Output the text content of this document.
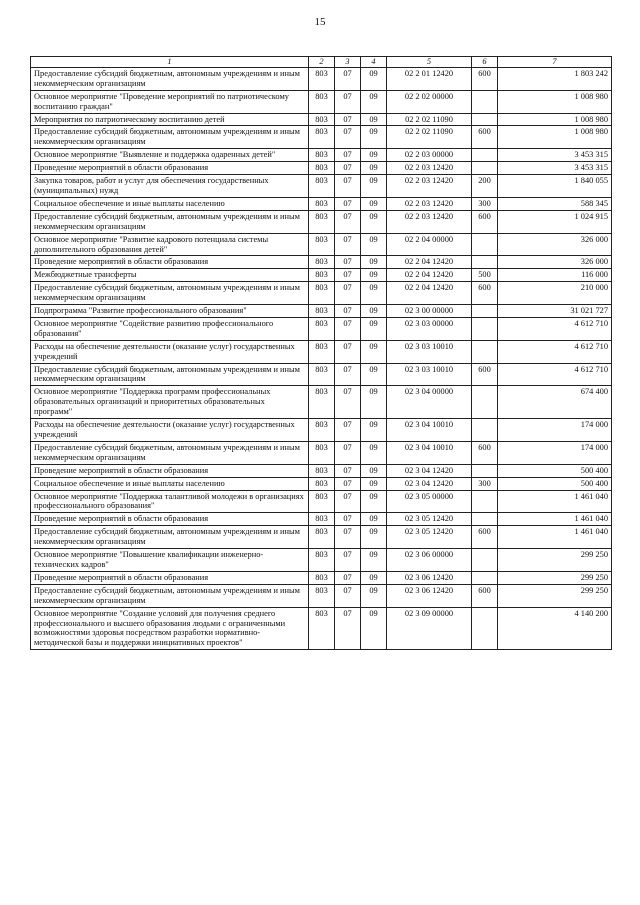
15
1	2	3	4	5	6	7
Предоставление субсидий бюджетным, автономным учреждениям и иным некоммерческим организациям	803	07	09	02 2 01 12420	600	1 803 242
Основное мероприятие "Проведение мероприятий по патриотическому воспитанию граждан"	803	07	09	02 2 02 00000		1 008 980
Мероприятия по патриотическому воспитанию детей	803	07	09	02 2 02 11090		1 008 980
Предоставление субсидий бюджетным, автономным учреждениям и иным некоммерческим организациям	803	07	09	02 2 02 11090	600	1 008 980
Основное мероприятие "Выявление и поддержка одаренных детей"	803	07	09	02 2 03 00000		3 453 315
Проведение мероприятий в области образования	803	07	09	02 2 03 12420		3 453 315
Закупка товаров, работ и услуг для обеспечения государственных (муниципальных) нужд	803	07	09	02 2 03 12420	200	1 840 055
Социальное обеспечение и иные выплаты населению	803	07	09	02 2 03 12420	300	588 345
Предоставление субсидий бюджетным, автономным учреждениям и иным некоммерческим организациям	803	07	09	02 2 03 12420	600	1 024 915
Основное мероприятие "Развитие кадрового потенциала системы дополнительного образования детей"	803	07	09	02 2 04 00000		326 000
Проведение мероприятий в области образования	803	07	09	02 2 04 12420		326 000
Межбюджетные трансферты	803	07	09	02 2 04 12420	500	116 000
Предоставление субсидий бюджетным, автономным учреждениям и иным некоммерческим организациям	803	07	09	02 2 04 12420	600	210 000
Подпрограмма "Развитие профессионального образования"	803	07	09	02 3 00 00000		31 021 727
Основное мероприятие "Содействие развитию профессионального образования"	803	07	09	02 3 03 00000		4 612 710
Расходы на обеспечение деятельности (оказание услуг) государственных учреждений	803	07	09	02 3 03 10010		4 612 710
Предоставление субсидий бюджетным, автономным учреждениям и иным некоммерческим организациям	803	07	09	02 3 03 10010	600	4 612 710
Основное мероприятие "Поддержка программ профессиональных образовательных организаций и приоритетных образовательных программ"	803	07	09	02 3 04 00000		674 400
Расходы на обеспечение деятельности (оказание услуг) государственных учреждений	803	07	09	02 3 04 10010		174 000
Предоставление субсидий бюджетным, автономным учреждениям и иным некоммерческим организациям	803	07	09	02 3 04 10010	600	174 000
Проведение мероприятий в области образования	803	07	09	02 3 04 12420		500 400
Социальное обеспечение и иные выплаты населению	803	07	09	02 3 04 12420	300	500 400
Основное мероприятие "Поддержка талантливой молодежи в организациях профессионального образования"	803	07	09	02 3 05 00000		1 461 040
Проведение мероприятий в области образования	803	07	09	02 3 05 12420		1 461 040
Предоставление субсидий бюджетным, автономным учреждениям и иным некоммерческим организациям	803	07	09	02 3 05 12420	600	1 461 040
Основное мероприятие "Повышение квалификации инженерно-технических кадров"	803	07	09	02 3 06 00000		299 250
Проведение мероприятий в области образования	803	07	09	02 3 06 12420		299 250
Предоставление субсидий бюджетным, автономным учреждениям и иным некоммерческим организациям	803	07	09	02 3 06 12420	600	299 250
Основное мероприятие "Создание условий для получения среднего профессионального и высшего образования людьми с ограниченными возможностями здоровья посредством разработки нормативно-методической базы и поддержки инициативных проектов"	803	07	09	02 3 09 00000		4 140 200
